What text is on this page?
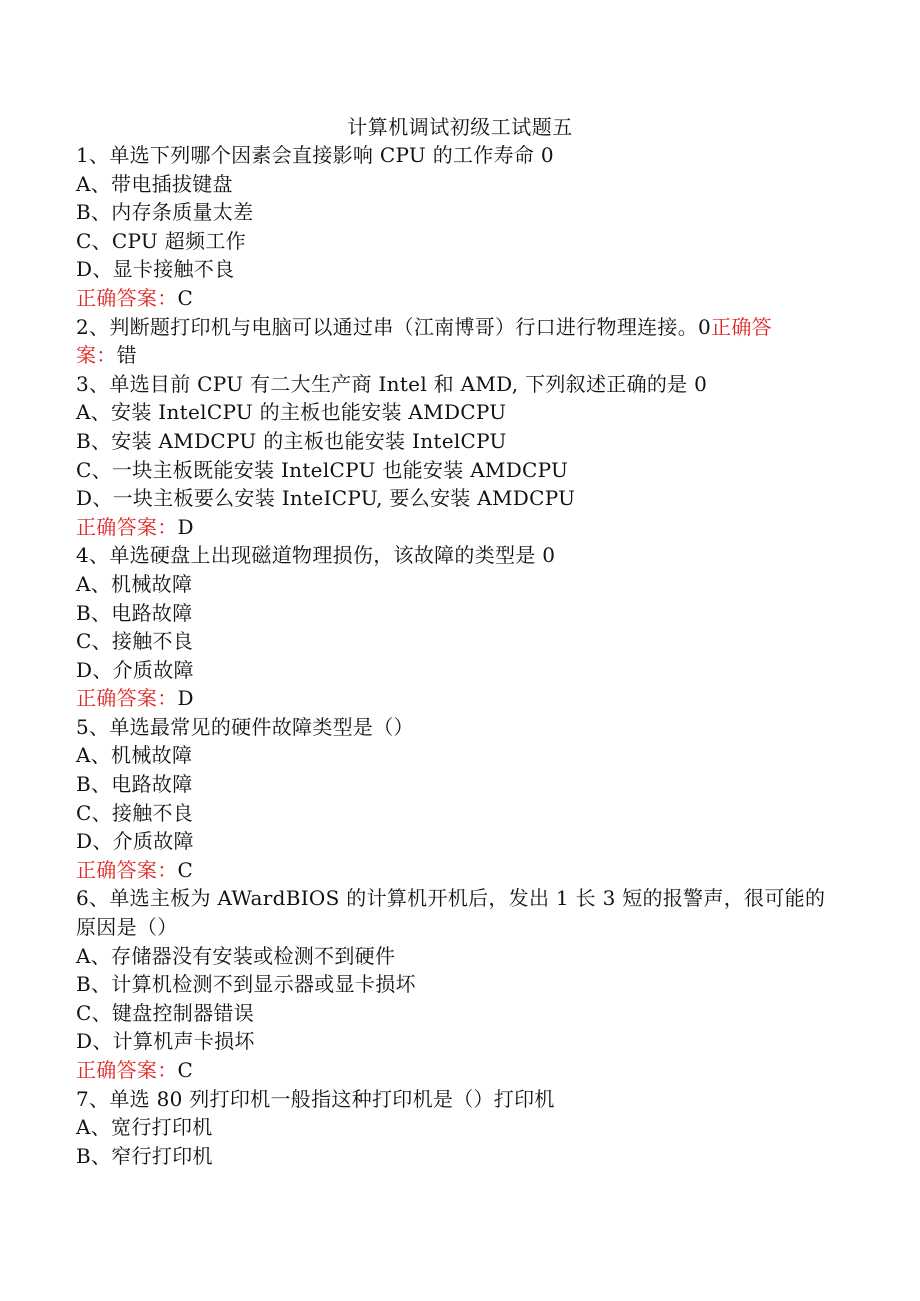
计算机调试初级工试题五
1、单选下列哪个因素会直接影响 CPU 的工作寿命 0
A、带电插拔键盘
B、内存条质量太差
C、CPU 超频工作
D、显卡接触不良
正确答案：C
2、判断题打印机与电脑可以通过串（江南博哥）行口进行物理连接。0正确答
案：错
3、单选目前 CPU 有二大生产商 Intel 和 AMD, 下列叙述正确的是 0
A、安装 IntelCPU 的主板也能安装 AMDCPU
B、安装 AMDCPU 的主板也能安装 IntelCPU
C、一块主板既能安装 IntelCPU 也能安装 AMDCPU
D、一块主板要么安装 InteICPU, 要么安装 AMDCPU
正确答案：D
4、单选硬盘上出现磁道物理损伤，该故障的类型是 0
A、机械故障
B、电路故障
C、接触不良
D、介质故障
正确答案：D
5、单选最常见的硬件故障类型是（）
A、机械故障
B、电路故障
C、接触不良
D、介质故障
正确答案：C
6、单选主板为 AWardBIOS 的计算机开机后，发出 1 长 3 短的报警声，很可能的
原因是（）
A、存储器没有安装或检测不到硬件
B、计算机检测不到显示器或显卡损坏
C、键盘控制器错误
D、计算机声卡损坏
正确答案：C
7、单选 80 列打印机一般指这种打印机是（）打印机
A、宽行打印机
B、窄行打印机
